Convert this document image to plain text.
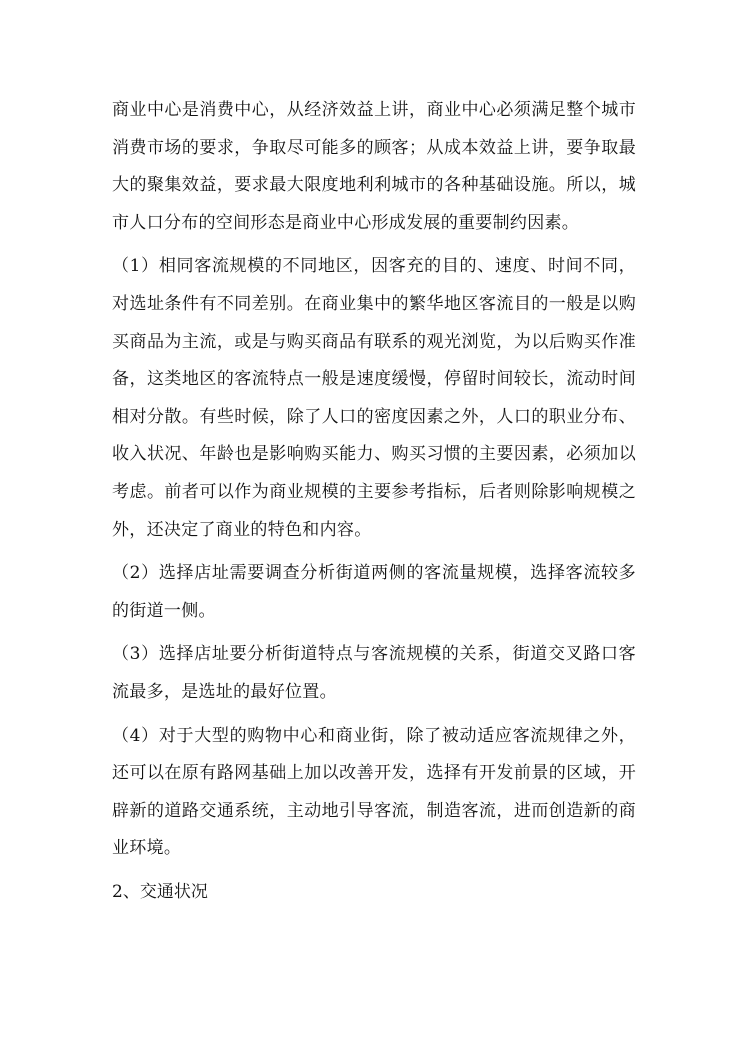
商业中心是消费中心，从经济效益上讲，商业中心必须满足整个城市消费市场的要求，争取尽可能多的顾客；从成本效益上讲，要争取最大的聚集效益，要求最大限度地利利城市的各种基础设施。所以，城市人口分布的空间形态是商业中心形成发展的重要制约因素。

（1）相同客流规模的不同地区，因客充的目的、速度、时间不同，对选址条件有不同差别。在商业集中的繁华地区客流目的一般是以购买商品为主流，或是与购买商品有联系的观光浏览，为以后购买作准备，这类地区的客流特点一般是速度缓慢，停留时间较长，流动时间相对分散。有些时候，除了人口的密度因素之外，人口的职业分布、收入状况、年龄也是影响购买能力、购买习惯的主要因素，必须加以考虑。前者可以作为商业规模的主要参考指标，后者则除影响规模之外，还决定了商业的特色和内容。

（2）选择店址需要调查分析街道两侧的客流量规模，选择客流较多的街道一侧。

（3）选择店址要分析街道特点与客流规模的关系，街道交叉路口客流最多，是选址的最好位置。

（4）对于大型的购物中心和商业街，除了被动适应客流规律之外，还可以在原有路网基础上加以改善开发，选择有开发前景的区域，开辟新的道路交通系统，主动地引导客流，制造客流，进而创造新的商业环境。

2、交通状况
